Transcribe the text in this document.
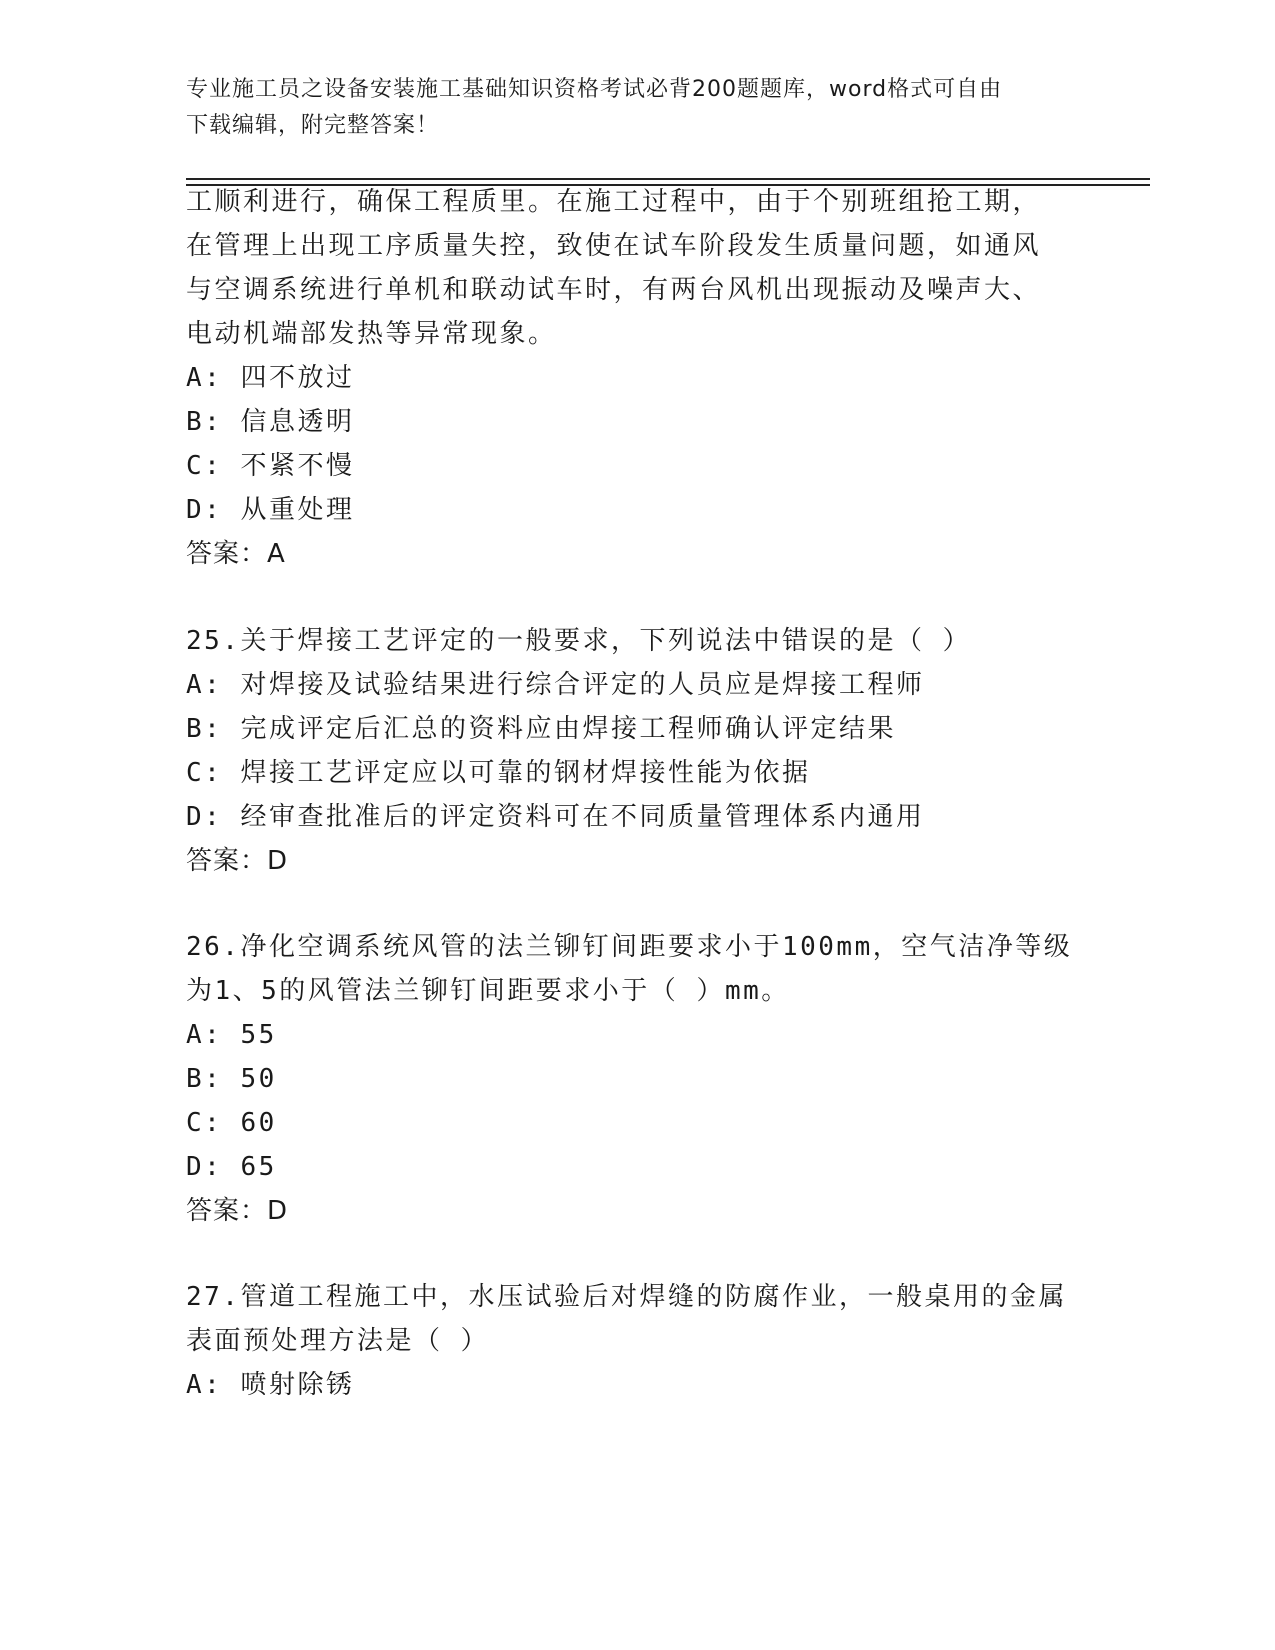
专业施工员之设备安装施工基础知识资格考试必背200题题库，word格式可自由
下载编辑，附完整答案！
工顺利进行，确保工程质里。在施工过程中，由于个别班组抢工期，
在管理上出现工序质量失控，致使在试车阶段发生质量问题，如通风
与空调系统进行单机和联动试车时，有两台风机出现振动及噪声大、
电动机端部发热等异常现象。
A: 四不放过
B: 信息透明
C: 不紧不慢
D: 从重处理
答案：A
25.关于焊接工艺评定的一般要求，下列说法中错误的是（ ）
A: 对焊接及试验结果进行综合评定的人员应是焊接工程师
B: 完成评定后汇总的资料应由焊接工程师确认评定结果
C: 焊接工艺评定应以可靠的钢材焊接性能为依据
D: 经审查批准后的评定资料可在不同质量管理体系内通用
答案：D
26.净化空调系统风管的法兰铆钉间距要求小于100mm，空气洁净等级
为1、5的风管法兰铆钉间距要求小于（ ）mm。
A: 55
B: 50
C: 60
D: 65
答案：D
27.管道工程施工中，水压试验后对焊缝的防腐作业，一般桌用的金属
表面预处理方法是（ ）
A: 喷射除锈
